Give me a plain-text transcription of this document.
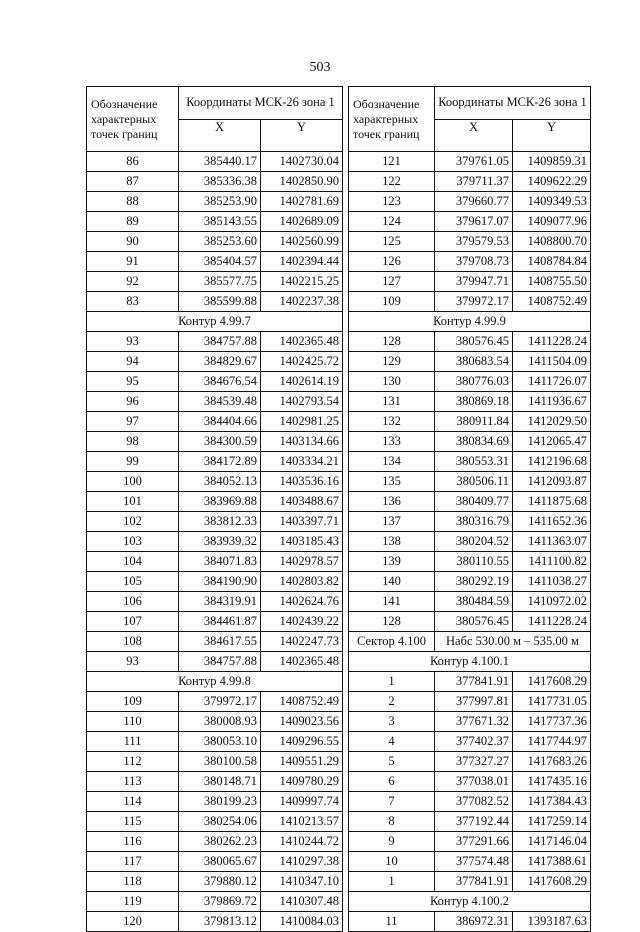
503
Обозначение характерных точек границ	Координаты МСК-26 зона 1	
	X	Y
86	385440.17	1402730.04
87	385336.38	1402850.90
88	385253.90	1402781.69
89	385143.55	1402689.09
90	385253.60	1402560.99
91	385404.57	1402394.44
92	385577.75	1402215.25
83	385599.88	1402237.38
Контур 4.99.7		
93	384757.88	1402365.48
94	384829.67	1402425.72
95	384676.54	1402614.19
96	384539.48	1402793.54
97	384404.66	1402981.25
98	384300.59	1403134.66
99	384172.89	1403334.21
100	384052.13	1403536.16
101	383969.88	1403488.67
102	383812.33	1403397.71
103	383939.32	1403185.43
104	384071.83	1402978.57
105	384190.90	1402803.82
106	384319.91	1402624.76
107	384461.87	1402439.22
108	384617.55	1402247.73
93	384757.88	1402365.48
Контур 4.99.8		
109	379972.17	1408752.49
110	380008.93	1409023.56
111	380053.10	1409296.55
112	380100.58	1409551.29
113	380148.71	1409780.29
114	380199.23	1409997.74
115	380254.06	1410213.57
116	380262.23	1410244.72
117	380065.67	1410297.38
118	379880.12	1410347.10
119	379869.72	1410307.48
120	379813.12	1410084.03
Обозначение характерных точек границ	Координаты МСК-26 зона 1	
	X	Y
121	379761.05	1409859.31
122	379711.37	1409622.29
123	379660.77	1409349.53
124	379617.07	1409077.96
125	379579.53	1408800.70
126	379708.73	1408784.84
127	379947.71	1408755.50
109	379972.17	1408752.49
Контур 4.99.9		
128	380576.45	1411228.24
129	380683.54	1411504.09
130	380776.03	1411726.07
131	380869.18	1411936.67
132	380911.84	1412029.50
133	380834.69	1412065.47
134	380553.31	1412196.68
135	380506.11	1412093.87
136	380409.77	1411875.68
137	380316.79	1411652.36
138	380204.52	1411363.07
139	380110.55	1411100.82
140	380292.19	1411038.27
141	380484.59	1410972.02
128	380576.45	1411228.24
Сектор 4.100	Набс 530.00 м – 535.00 м	
Контур 4.100.1		
1	377841.91	1417608.29
2	377997.81	1417731.05
3	377671.32	1417737.36
4	377402.37	1417744.97
5	377327.27	1417683.26
6	377038.01	1417435.16
7	377082.52	1417384.43
8	377192.44	1417259.14
9	377291.66	1417146.04
10	377574.48	1417388.61
1	377841.91	1417608.29
Контур 4.100.2		
11	386972.31	1393187.63
